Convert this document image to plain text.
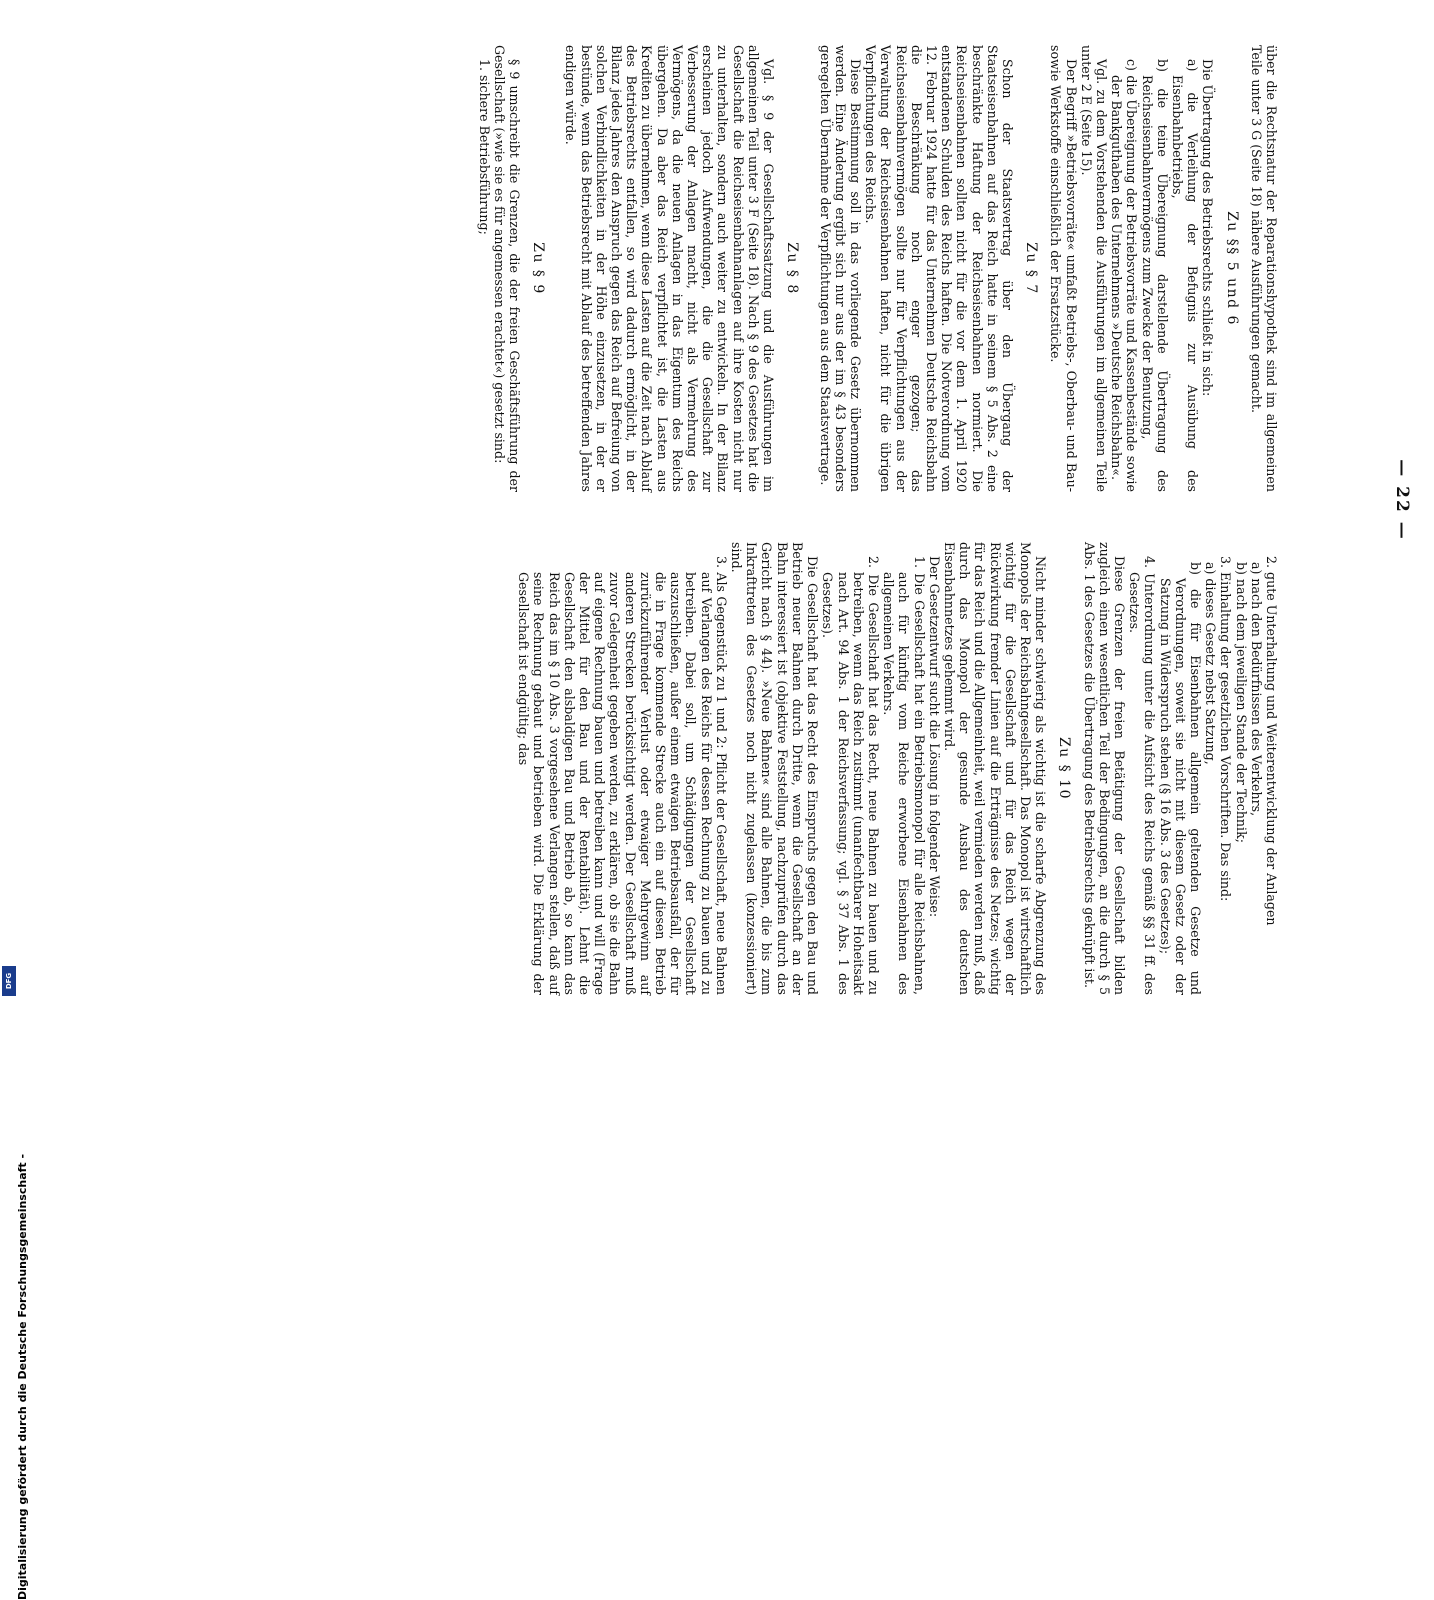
— 22 —

über die Rechtsnatur der Reparationshypothek sind im allgemeinen Teile unter 3 G (Seite 18) nähere Ausführungen gemacht.

Zu §§ 5 und 6

Die Übertragung des Betriebsrechts schließt in sich:

a) die Verleihung der Befugnis zur Ausübung des Eisenbahnbetriebs,

b) die teine Übereignung darstellende Übertragung des Reichseisenbahnvermögens zum Zwecke der Benutzung,

c) die Übereignung der Betriebsvorräte und Kassenbestände sowie der Bankguthaben des Unternehmens »Deutsche Reichsbahn«.

Vgl. zu dem Vorstehenden die Ausführungen im allgemeinen Teile unter 2 E (Seite 15).

Der Begriff »Betriebsvorräte« umfaßt Betriebs-, Oberbau- und Bau- sowie Werkstoffe einschließlich der Ersatzstücke.

Zu § 7

Schon der Staatsvertrag über den Übergang der Staatseisenbahnen auf das Reich hatte in seinem § 5 Abs. 2 eine beschränkte Haftung der Reichseisenbahnen normiert. Die Reichseisenbahnen sollten nicht für die vor dem 1. April 1920 entstandenen Schulden des Reichs haften. Die Notverordnung vom 12. Februar 1924 hatte für das Unternehmen Deutsche Reichsbahn die Beschränkung noch enger gezogen; das Reichseisenbahnvermögen sollte nur für Verpflichtungen aus der Verwaltung der Reichseisenbahnen haften, nicht für die übrigen Verpflichtungen des Reichs.

Diese Bestimmung soll in das vorliegende Gesetz übernommen werden. Eine Änderung ergibt sich nur aus der im § 43 besonders geregelten Übernahme der Verpflichtungen aus dem Staatsvertrage.

Zu § 8

Vgl. § 9 der Gesellschaftssatzung und die Ausführungen im allgemeinen Teil unter 3 F (Seite 18). Nach § 9 des Gesetzes hat die Gesellschaft die Reichseisenbahnanlagen auf ihre Kosten nicht nur zu unterhalten, sondern auch weiter zu entwickeln. In der Bilanz erscheinen jedoch Aufwendungen, die die Gesellschaft zur Verbesserung der Anlagen macht, nicht als Vermehrung des Vermögens, da die neuen Anlagen in das Eigentum des Reichs übergehen. Da aber das Reich verpflichtet ist, die Lasten aus Krediten zu übernehmen, wenn diese Lasten auf die Zeit nach Ablauf des Betriebsrechts entfallen, so wird dadurch ermöglicht, in der Bilanz jedes Jahres den Anspruch gegen das Reich auf Befreiung von solchen Verbindlichkeiten in der Höhe einzusetzen, in der er bestünde, wenn das Betriebsrecht mit Ablauf des betreffenden Jahres endigen würde.

Zu § 9

§ 9 umschreibt die Grenzen, die der freien Geschäftsführung der Gesellschaft (»wie sie es für angemessen erachtet«) gesetzt sind:

1. sichere Betriebsführung;

2. gute Unterhaltung und Weiterentwicklung der Anlagen

a) nach den Bedürfnissen des Verkehrs,

b) nach dem jeweiligen Stande der Technik;

3. Einhaltung der gesetzlichen Vorschriften. Das sind:

a) dieses Gesetz nebst Satzung,

b) die für Eisenbahnen allgemein geltenden Gesetze und Verordnungen, soweit sie nicht mit diesem Gesetz oder der Satzung in Widerspruch stehen (§ 16 Abs. 3 des Gesetzes);

4. Unterordnung unter die Aufsicht des Reichs gemäß §§ 31 ff. des Gesetzes.

Diese Grenzen der freien Betätigung der Gesellschaft bilden zugleich einen wesentlichen Teil der Bedingungen, an die durch § 5 Abs. 1 des Gesetzes die Übertragung des Betriebsrechts geknüpft ist.

Zu § 10

Nicht minder schwierig als wichtig ist die scharfe Abgrenzung des Monopols der Reichsbahngesellschaft. Das Monopol ist wirtschaftlich wichtig für die Gesellschaft und für das Reich wegen der Rückwirkung fremder Linien auf die Erträgnisse des Netzes; wichtig für das Reich und die Allgemeinheit, weil vermieden werden muß, daß durch das Monopol der gesunde Ausbau des deutschen Eisenbahnnetzes gehemmt wird.

Der Gesetzentwurf sucht die Lösung in folgender Weise:

1. Die Gesellschaft hat ein Betriebsmonopol für alle Reichsbahnen, auch für künftig vom Reiche erworbene Eisenbahnen des allgemeinen Verkehrs.

2. Die Gesellschaft hat das Recht, neue Bahnen zu bauen und zu betreiben, wenn das Reich zustimmt (unanfechtbarer Hoheitsakt nach Art. 94 Abs. 1 der Reichsverfassung; vgl. § 37 Abs. 1 des Gesetzes).

Die Gesellschaft hat das Recht des Einspruchs gegen den Bau und Betrieb neuer Bahnen durch Dritte, wenn die Gesellschaft an der Bahn interessiert ist (objektive Feststellung, nachzuprüfen durch das Gericht nach § 44). »Neue Bahnen« sind alle Bahnen, die bis zum Inkrafttreten des Gesetzes noch nicht zugelassen (konzessioniert) sind.

3. Als Gegenstück zu 1 und 2: Pflicht der Gesellschaft, neue Bahnen auf Verlangen des Reichs für dessen Rechnung zu bauen und zu betreiben. Dabei soll, um Schädigungen der Gesellschaft auszuschließen, außer einem etwaigen Betriebsausfall, der für die in Frage kommende Strecke auch ein auf diesen Betrieb zurückzuführender Verlust oder etwaiger Mehrgewinn auf anderen Strecken berücksichtigt werden. Der Gesellschaft muß zuvor Gelegenheit gegeben werden, zu erklären, ob sie die Bahn auf eigene Rechnung bauen und betreiben kann und will (Frage der Mittel für den Bau und der Rentabilität). Lehnt die Gesellschaft den alsbaldigen Bau und Betrieb ab, so kann das Reich das im § 10 Abs. 3 vorgesehene Verlangen stellen, daß auf seine Rechnung gebaut und betrieben wird. Die Erklärung der Gesellschaft ist endgültig; das

Digitalisierung gefördert durch die Deutsche Forschungsgemeinschaft -
DFG
